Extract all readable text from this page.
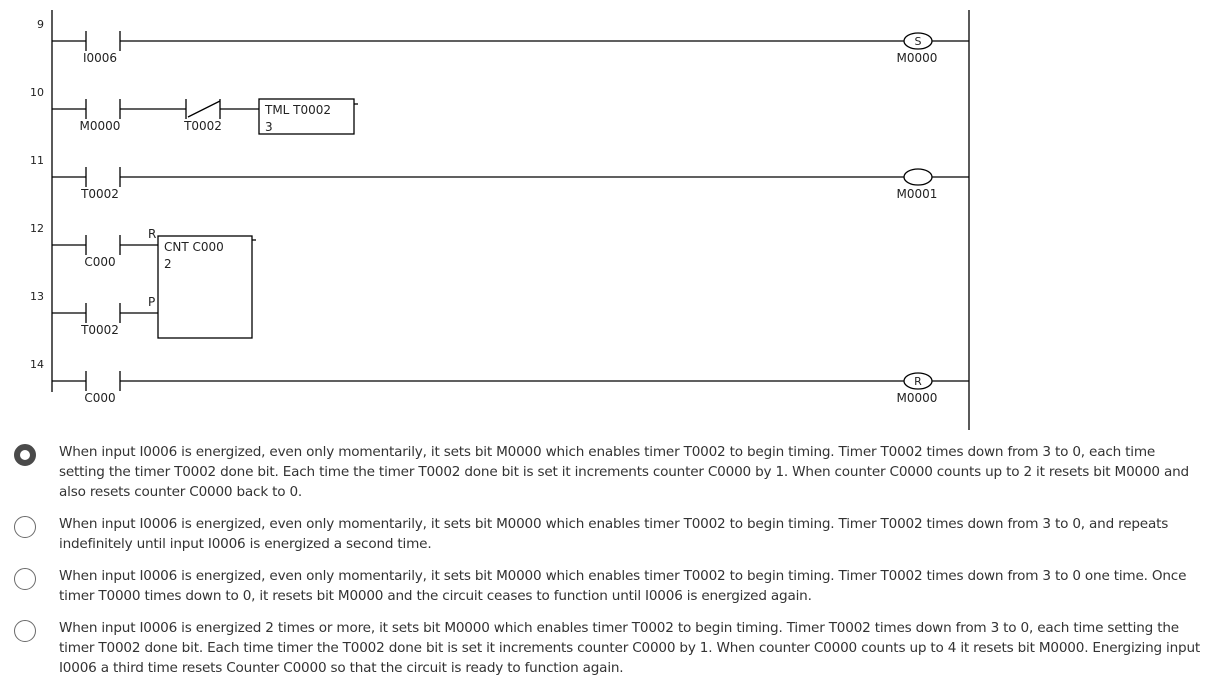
9
10
11
12
13
14
I0006
M0000	T0002
TML T0002
3
T0002
C000
R
CNT C000
2
P
T0002
C000
S
M0000
M0001
R
M0000
When input I0006 is energized, even only momentarily, it sets bit M0000 which enables timer T0002 to begin timing. Timer T0002 times down from 3 to 0, each time setting the timer T0002 done bit. Each time the timer T0002 done bit is set it increments counter C0000 by 1. When counter C0000 counts up to 2 it resets bit M0000 and also resets counter C0000 back to 0.
When input I0006 is energized, even only momentarily, it sets bit M0000 which enables timer T0002 to begin timing. Timer T0002 times down from 3 to 0, and repeats indefinitely until input I0006 is energized a second time.
When input I0006 is energized, even only momentarily, it sets bit M0000 which enables timer T0002 to begin timing. Timer T0002 times down from 3 to 0 one time. Once timer T0000 times down to 0, it resets bit M0000 and the circuit ceases to function until I0006 is energized again.
When input I0006 is energized 2 times or more, it sets bit M0000 which enables timer T0002 to begin timing. Timer T0002 times down from 3 to 0, each time setting the timer T0002 done bit. Each time timer the T0002 done bit is set it increments counter C0000 by 1. When counter C0000 counts up to 4 it resets bit M0000. Energizing input I0006 a third time resets Counter C0000 so that the circuit is ready to function again.
